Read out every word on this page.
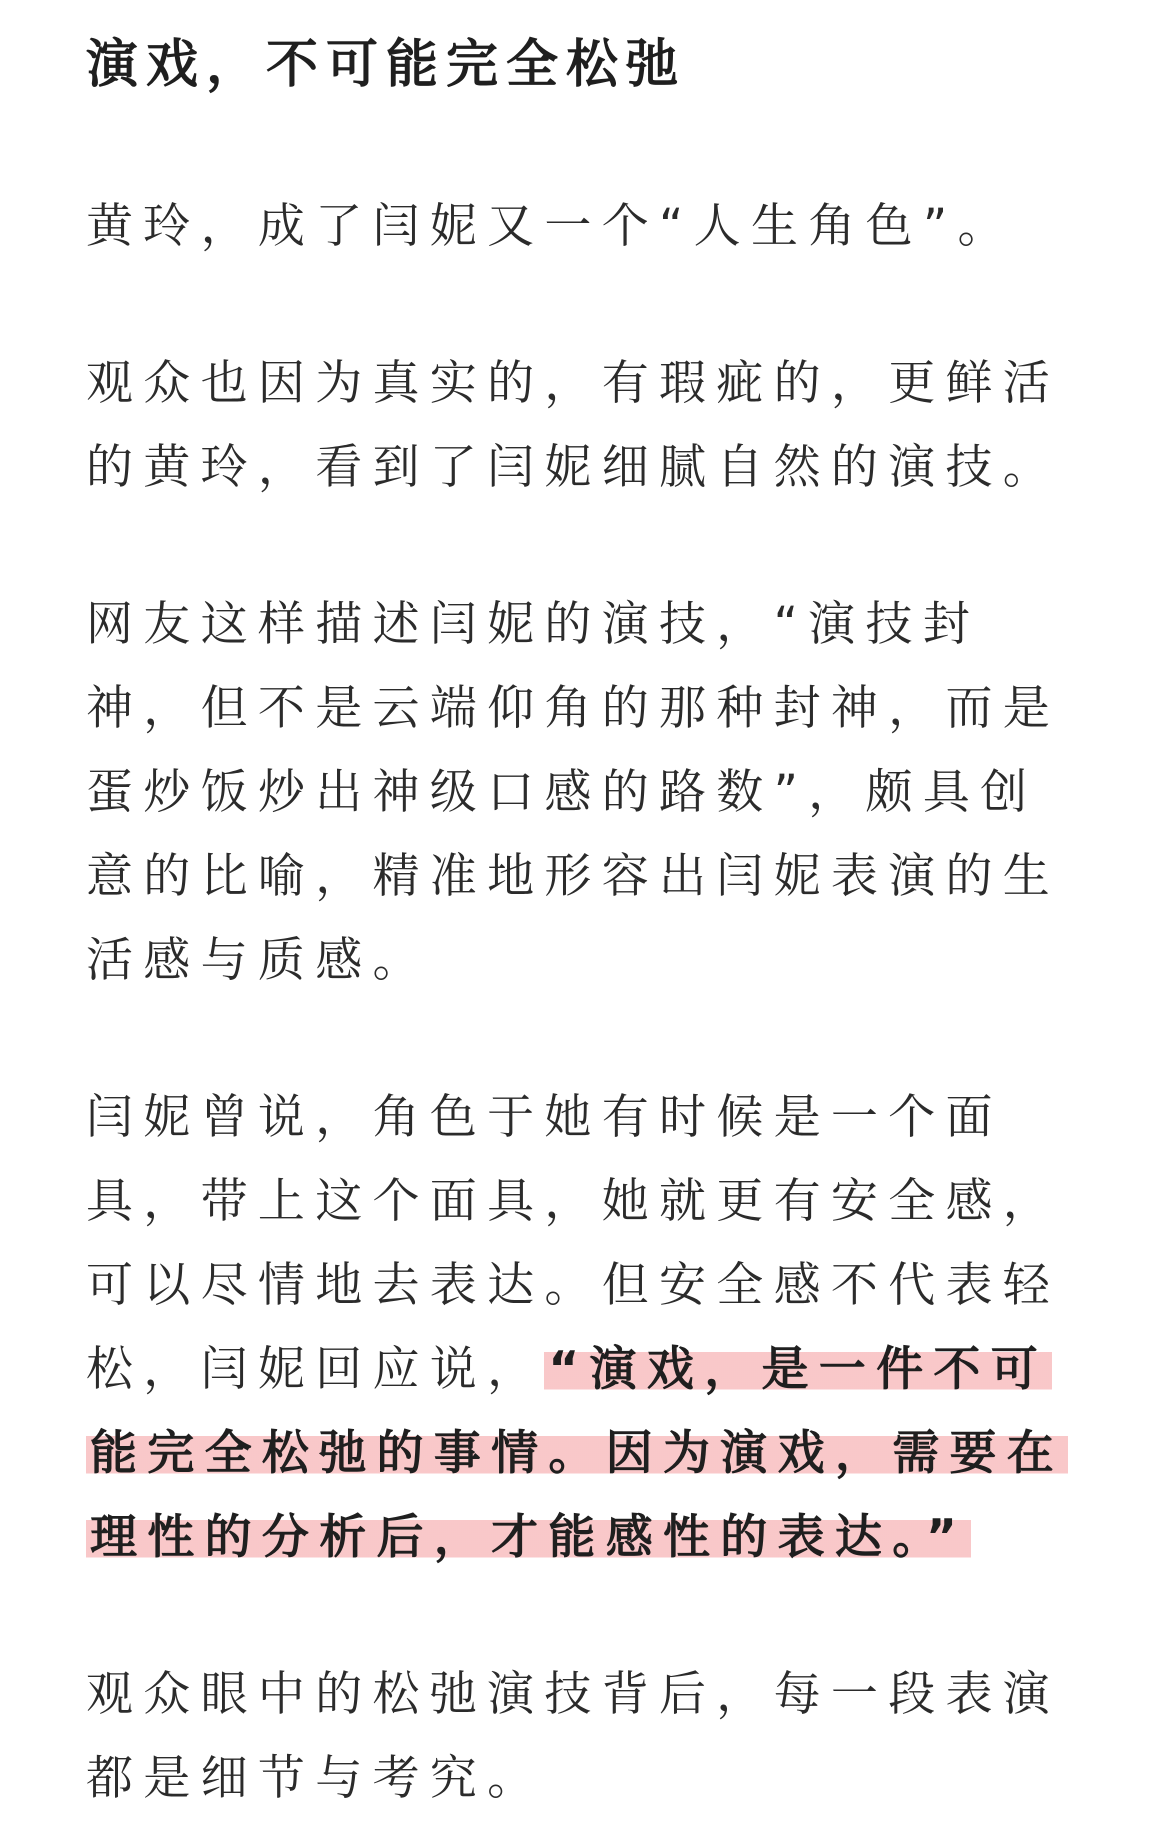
演戏，不可能完全松弛

黄玲，成了闫妮又一个“人生角色”。

观众也因为真实的，有瑕疵的，更鲜活的黄玲，看到了闫妮细腻自然的演技。

网友这样描述闫妮的演技，“演技封神，但不是云端仰角的那种封神，而是蛋炒饭炒出神级口感的路数”，颇具创意的比喻，精准地形容出闫妮表演的生活感与质感。

闫妮曾说，角色于她有时候是一个面具，带上这个面具，她就更有安全感，可以尽情地去表达。但安全感不代表轻松，闫妮回应说，“演戏，是一件不可能完全松弛的事情。因为演戏，需要在理性的分析后，才能感性的表达。”

观众眼中的松弛演技背后，每一段表演都是细节与考究。
